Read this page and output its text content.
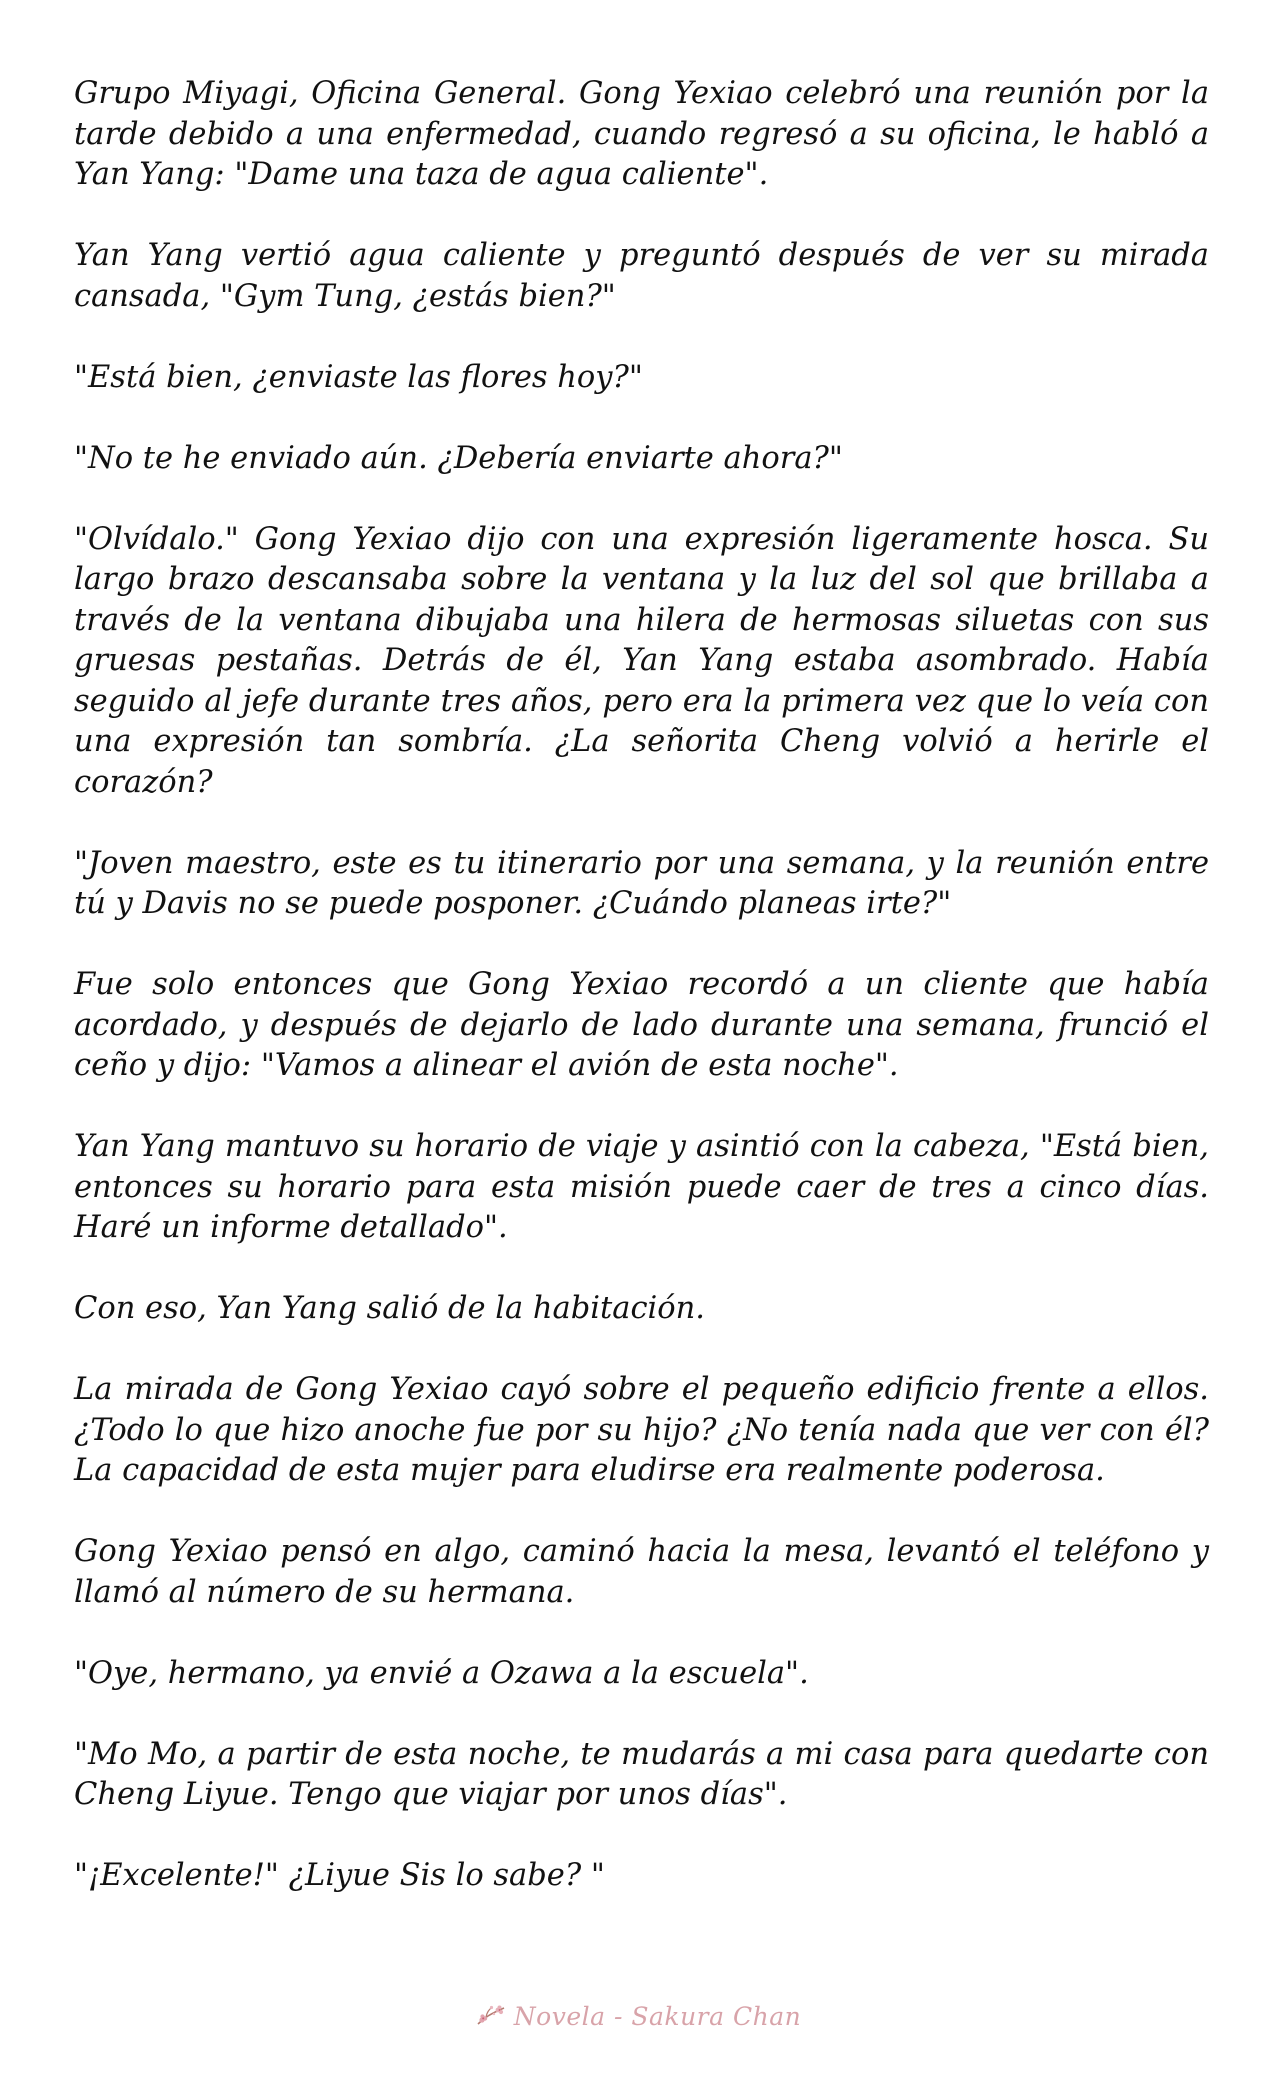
Grupo Miyagi, Oficina General. Gong Yexiao celebró una reunión por la tarde debido a una enfermedad, cuando regresó a su oficina, le habló a Yan Yang: "Dame una taza de agua caliente".

Yan Yang vertió agua caliente y preguntó después de ver su mirada cansada, "Gym Tung, ¿estás bien?"

"Está bien, ¿enviaste las flores hoy?"

"No te he enviado aún. ¿Debería enviarte ahora?"

"Olvídalo." Gong Yexiao dijo con una expresión ligeramente hosca. Su largo brazo descansaba sobre la ventana y la luz del sol que brillaba a través de la ventana dibujaba una hilera de hermosas siluetas con sus gruesas pestañas. Detrás de él, Yan Yang estaba asombrado. Había seguido al jefe durante tres años, pero era la primera vez que lo veía con una expresión tan sombría. ¿La señorita Cheng volvió a herirle el corazón?

"Joven maestro, este es tu itinerario por una semana, y la reunión entre tú y Davis no se puede posponer. ¿Cuándo planeas irte?"

Fue solo entonces que Gong Yexiao recordó a un cliente que había acordado, y después de dejarlo de lado durante una semana, frunció el ceño y dijo: "Vamos a alinear el avión de esta noche".

Yan Yang mantuvo su horario de viaje y asintió con la cabeza, "Está bien, entonces su horario para esta misión puede caer de tres a cinco días. Haré un informe detallado".

Con eso, Yan Yang salió de la habitación.

La mirada de Gong Yexiao cayó sobre el pequeño edificio frente a ellos. ¿Todo lo que hizo anoche fue por su hijo? ¿No tenía nada que ver con él? La capacidad de esta mujer para eludirse era realmente poderosa.

Gong Yexiao pensó en algo, caminó hacia la mesa, levantó el teléfono y llamó al número de su hermana.

"Oye, hermano, ya envié a Ozawa a la escuela".

"Mo Mo, a partir de esta noche, te mudarás a mi casa para quedarte con Cheng Liyue. Tengo que viajar por unos días".

"¡Excelente!" ¿Liyue Sis lo sabe? "

Novela - Sakura Chan
